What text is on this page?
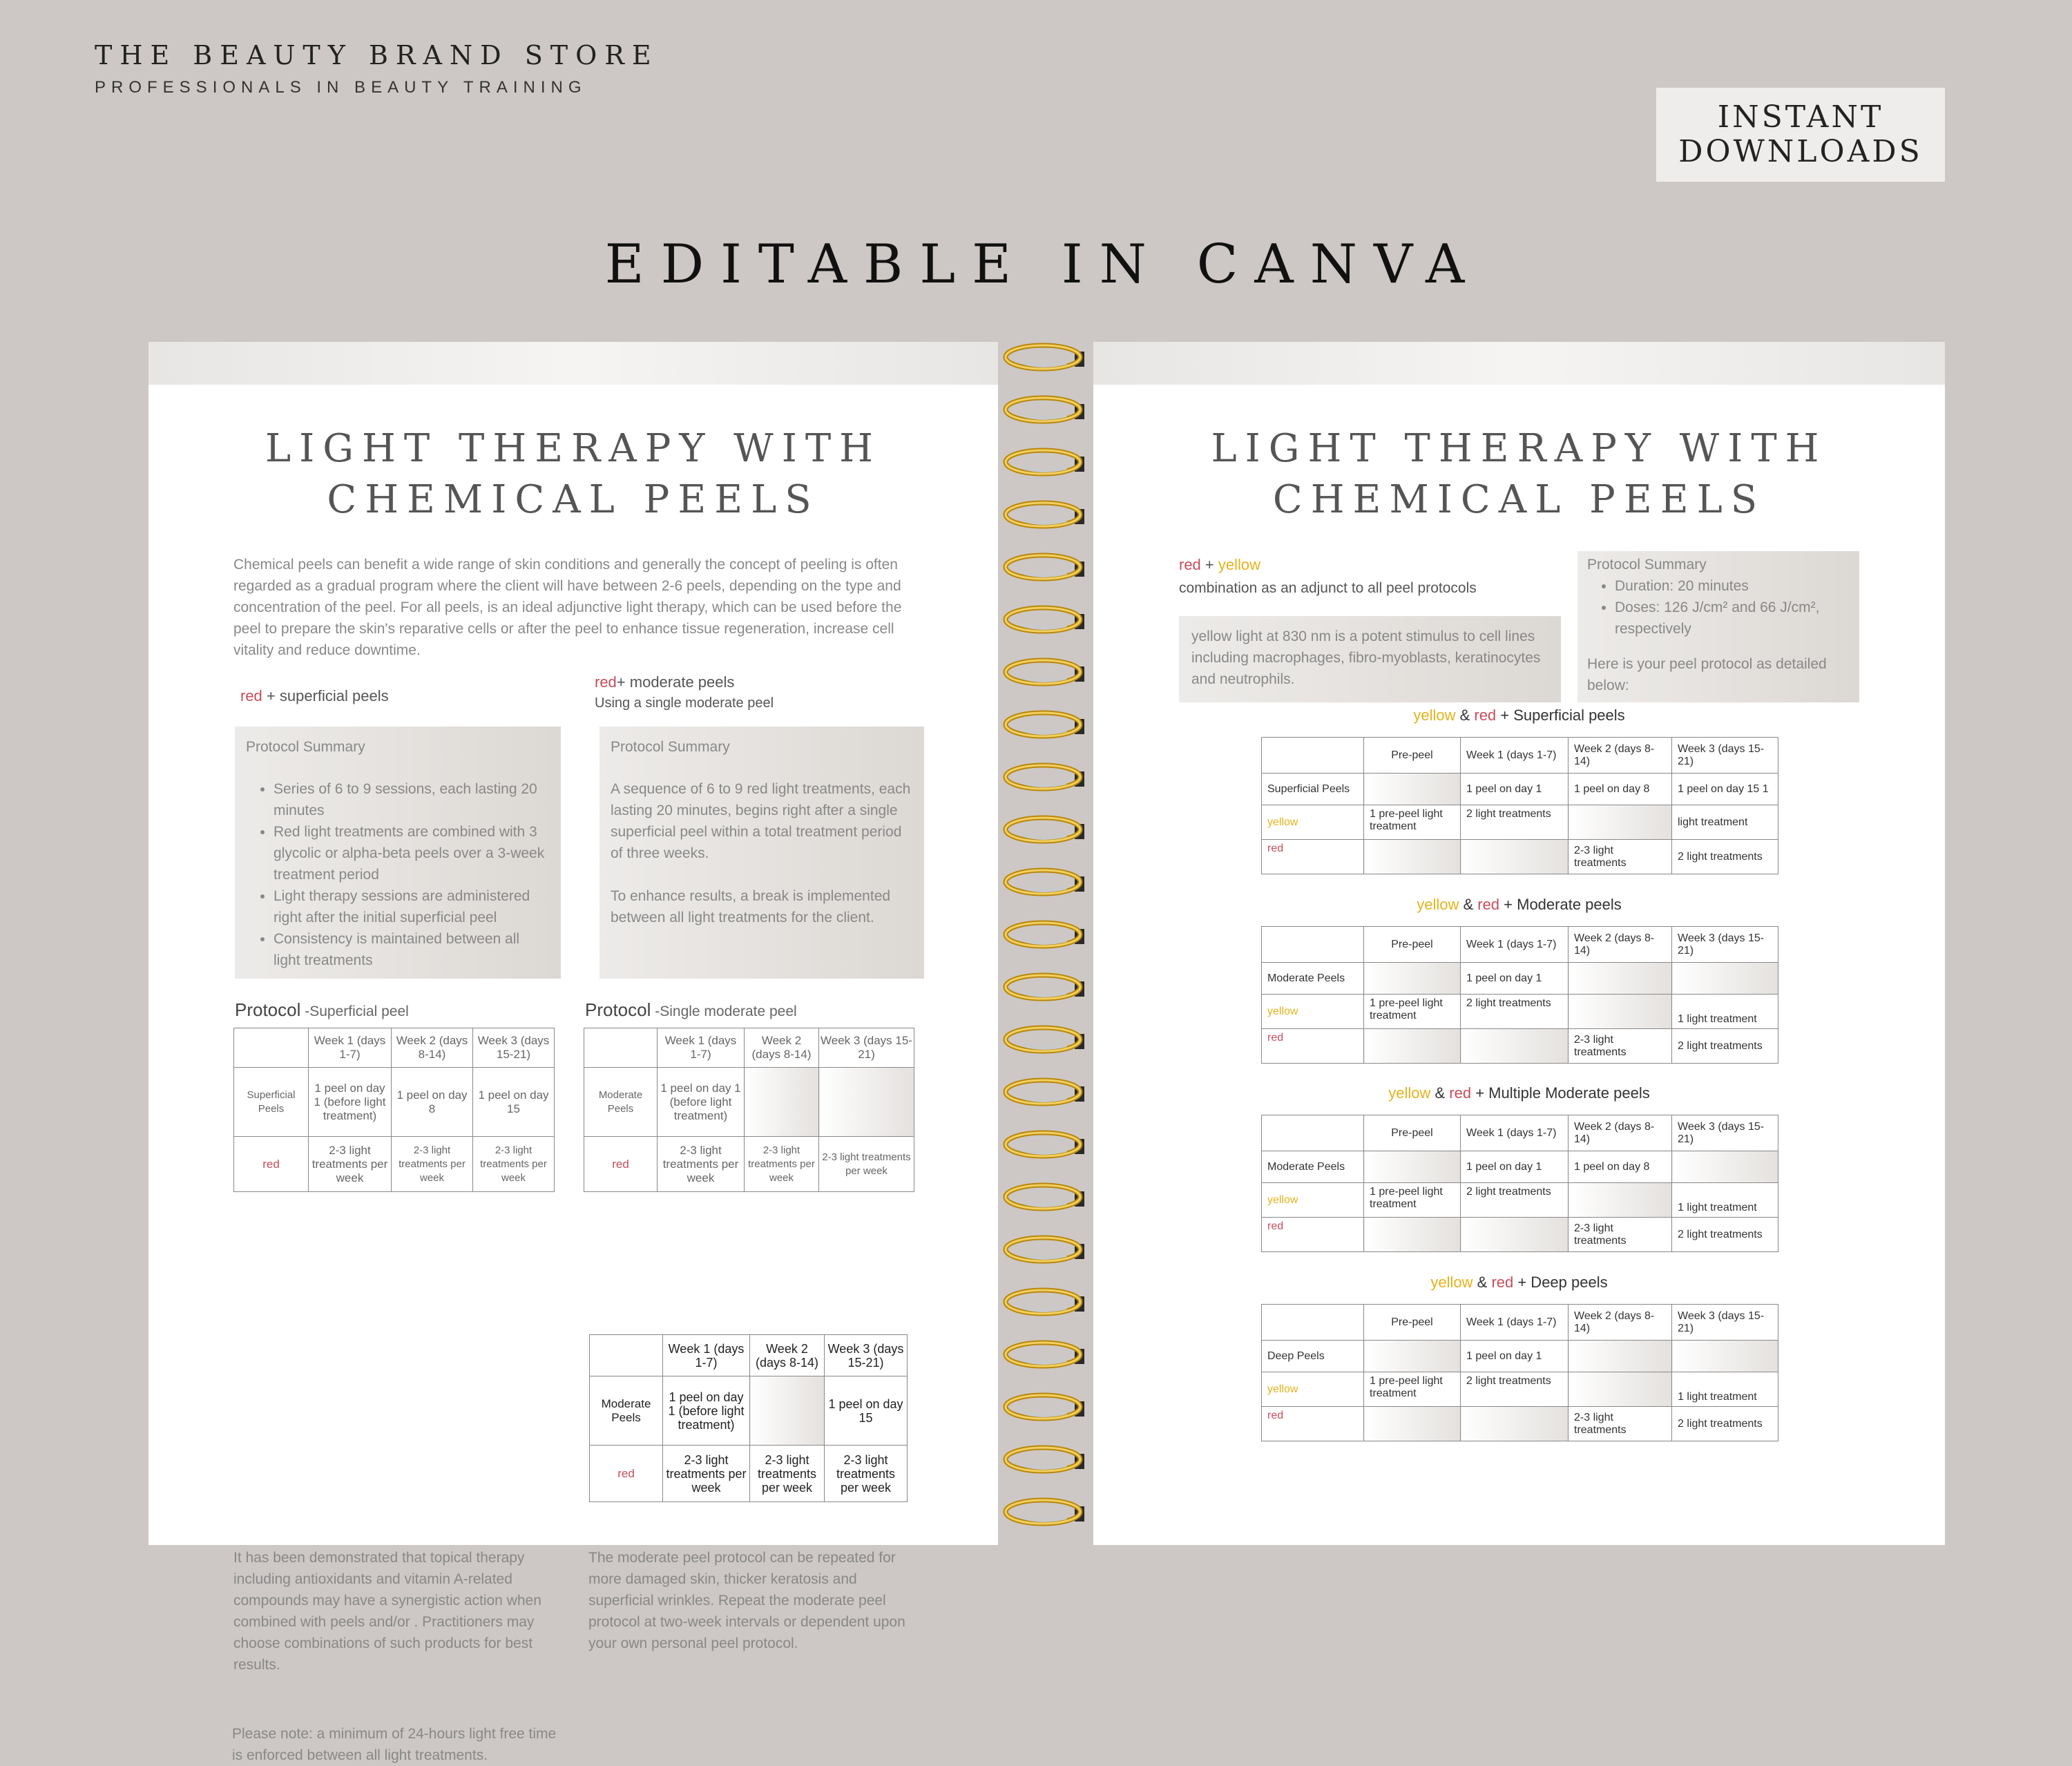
THE BEAUTY BRAND STORE
PROFESSIONALS IN BEAUTY TRAINING
INSTANT
DOWNLOADS
EDITABLE IN CANVA
LIGHT THERAPY WITH
CHEMICAL PEELS
Chemical peels can benefit a wide range of skin conditions and generally the concept of peeling is often regarded as a gradual program where the client will have between 2-6 peels, depending on the type and concentration of the peel. For all peels, is an ideal adjunctive light therapy, which can be used before the peel to prepare the skin's reparative cells or after the peel to enhance tissue regeneration, increase cell vitality and reduce downtime.
red + superficial peels
red+ moderate peels
Using a single moderate peel
Protocol Summary
• Series of 6 to 9 sessions, each lasting 20 minutes
• Red light treatments are combined with 3 glycolic or alpha-beta peels over a 3-week treatment period
• Light therapy sessions are administered right after the initial superficial peel
• Consistency is maintained between all light treatments
Protocol Summary
A sequence of 6 to 9 red light treatments, each lasting 20 minutes, begins right after a single superficial peel within a total treatment period of three weeks.
To enhance results, a break is implemented between all light treatments for the client.
Protocol -Superficial peel	Protocol -Single moderate peel
	Week 1 (days 1-7)	Week 2 (days 8-14)	Week 3 (days 15-21)
Superficial Peels	1 peel on day 1 (before light treatment)	1 peel on day 8	1 peel on day 15
red	2-3 light treatments per week	2-3 light treatments per week	2-3 light treatments per week
	Week 1 (days 1-7)	Week 2 (days 8-14)	Week 3 (days 15-21)
Moderate Peels	1 peel on day 1 (before light treatment)		
red	2-3 light treatments per week	2-3 light treatments per week	2-3 light treatments per week
It has been demonstrated that topical therapy including antioxidants and vitamin A-related compounds may have a synergistic action when combined with peels and/or . Practitioners may choose combinations of such products for best results.
Please note: a minimum of 24-hours light free time is enforced between all light treatments.
The moderate peel protocol can be repeated for more damaged skin, thicker keratosis and superficial wrinkles. Repeat the moderate peel protocol at two-week intervals or dependent upon your own personal peel protocol.
	Week 1 (days 1-7)	Week 2 (days 8-14)	Week 3 (days 15-21)
Moderate Peels	1 peel on day 1 (before light treatment)		1 peel on day 15
red	2-3 light treatments per week	2-3 light treatments per week	2-3 light treatments per week
LIGHT THERAPY WITH
CHEMICAL PEELS
red + yellow
combination as an adjunct to all peel protocols
yellow light at 830 nm is a potent stimulus to cell lines including macrophages, fibro-myoblasts, keratinocytes and neutrophils.
Protocol Summary
• Duration: 20 minutes
• Doses: 126 J/cm² and 66 J/cm², respectively
Here is your peel protocol as detailed below:
yellow & red + Superficial peels
	Pre-peel	Week 1 (days 1-7)	Week 2 (days 8-14)	Week 3 (days 15-21)
Superficial Peels		1 peel on day 1	1 peel on day 8	1 peel on day 15 1
yellow	1 pre-peel light treatment	2 light treatments		light treatment
red			2-3 light treatments	2 light treatments
yellow & red + Moderate peels
	Pre-peel	Week 1 (days 1-7)	Week 2 (days 8-14)	Week 3 (days 15-21)
Moderate Peels		1 peel on day 1		
yellow	1 pre-peel light treatment	2 light treatments		1 light treatment
red			2-3 light treatments	2 light treatments
yellow & red + Multiple Moderate peels
	Pre-peel	Week 1 (days 1-7)	Week 2 (days 8-14)	Week 3 (days 15-21)
Moderate Peels		1 peel on day 1	1 peel on day 8	
yellow	1 pre-peel light treatment	2 light treatments		1 light treatment
red			2-3 light treatments	2 light treatments
yellow & red + Deep peels
	Pre-peel	Week 1 (days 1-7)	Week 2 (days 8-14)	Week 3 (days 15-21)
Deep Peels		1 peel on day 1		
yellow	1 pre-peel light treatment	2 light treatments		1 light treatment
red			2-3 light treatments	2 light treatments
